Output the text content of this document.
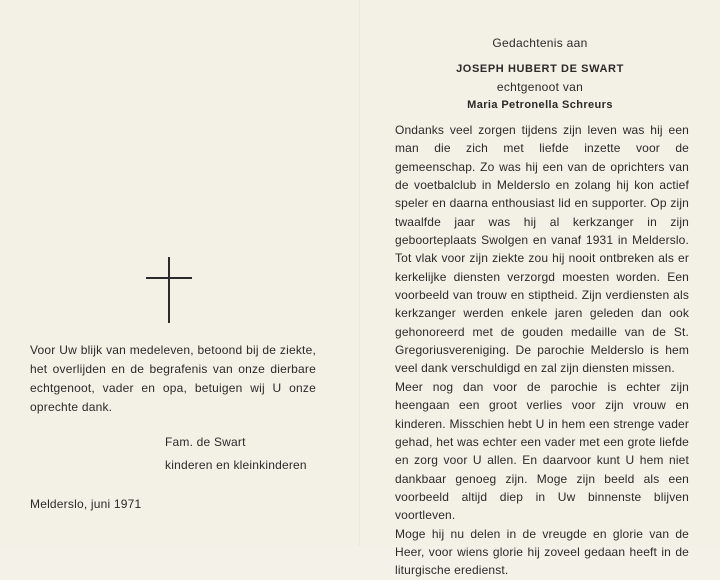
Voor Uw blijk van medeleven, betoond bij de ziekte, het overlijden en de begrafenis van onze dierbare echtgenoot, vader en opa, betuigen wij U onze oprechte dank.
Fam. de Swart
kinderen en kleinkinderen
Melderslo, juni 1971
Gedachtenis aan
JOSEPH HUBERT DE SWART
echtgenoot van
Maria Petronella Schreurs

Ondanks veel zorgen tijdens zijn leven was hij een man die zich met liefde inzette voor de gemeenschap. Zo was hij een van de oprichters van de voetbalclub in Melderslo en zolang hij kon actief speler en daarna enthousiast lid en supporter. Op zijn twaalfde jaar was hij al kerkzanger in zijn geboorteplaats Swolgen en vanaf 1931 in Melderslo. Tot vlak voor zijn ziekte zou hij nooit ontbreken als er kerkelijke diensten verzorgd moesten worden. Een voorbeeld van trouw en stiptheid. Zijn verdiensten als kerkzanger werden enkele jaren geleden dan ook gehonoreerd met de gouden medaille van de St. Gregoriusvereniging. De parochie Melderslo is hem veel dank verschuldigd en zal zijn diensten missen.

Meer nog dan voor de parochie is echter zijn heengaan een groot verlies voor zijn vrouw en kinderen. Misschien hebt U in hem een strenge vader gehad, het was echter een vader met een grote liefde en zorg voor U allen. En daarvoor kunt U hem niet dankbaar genoeg zijn. Moge zijn beeld als een voorbeeld altijd diep in Uw binnenste blijven voortleven.

Moge hij nu delen in de vreugde en glorie van de Heer, voor wiens glorie hij zoveel gedaan heeft in de liturgische eredienst.
